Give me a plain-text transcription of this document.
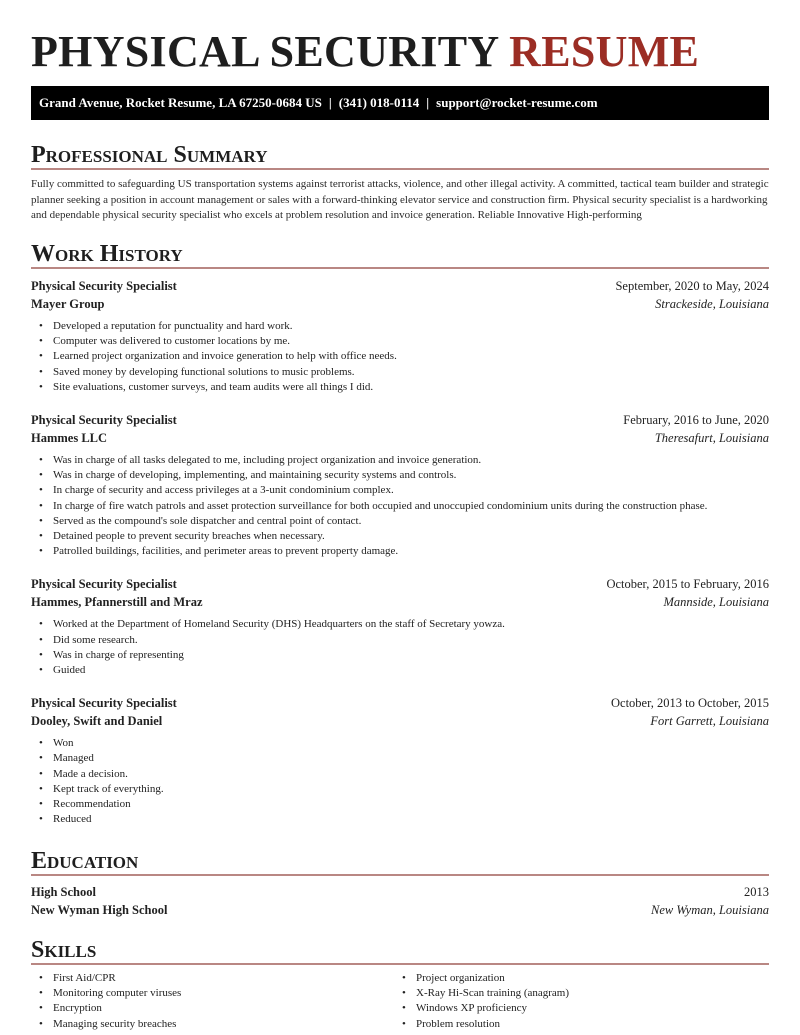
PHYSICAL SECURITY RESUME
Grand Avenue, Rocket Resume, LA 67250-0684 US | (341) 018-0114 | support@rocket-resume.com
Professional Summary

Fully committed to safeguarding US transportation systems against terrorist attacks, violence, and other illegal activity. A committed, tactical team builder and strategic planner seeking a position in account management or sales with a forward-thinking elevator service and construction firm. Physical security specialist is a hardworking and dependable physical security specialist who excels at problem resolution and invoice generation. Reliable Innovative High-performing

Work History
Physical Security Specialist	September, 2020 to May, 2024
Mayer Group	Strackeside, Louisiana
• Developed a reputation for punctuality and hard work.
• Computer was delivered to customer locations by me.
• Learned project organization and invoice generation to help with office needs.
• Saved money by developing functional solutions to music problems.
• Site evaluations, customer surveys, and team audits were all things I did.
Physical Security Specialist	February, 2016 to June, 2020
Hammes LLC	Theresafurt, Louisiana
• Was in charge of all tasks delegated to me, including project organization and invoice generation.
• Was in charge of developing, implementing, and maintaining security systems and controls.
• In charge of security and access privileges at a 3-unit condominium complex.
• In charge of fire watch patrols and asset protection surveillance for both occupied and unoccupied condominium units during the construction phase.
• Served as the compound's sole dispatcher and central point of contact.
• Detained people to prevent security breaches when necessary.
• Patrolled buildings, facilities, and perimeter areas to prevent property damage.
Physical Security Specialist	October, 2015 to February, 2016
Hammes, Pfannerstill and Mraz	Mannside, Louisiana
• Worked at the Department of Homeland Security (DHS) Headquarters on the staff of Secretary yowza.
• Did some research.
• Was in charge of representing
• Guided
Physical Security Specialist	October, 2013 to October, 2015
Dooley, Swift and Daniel	Fort Garrett, Louisiana
• Won
• Managed
• Made a decision.
• Kept track of everything.
• Recommendation
• Reduced
Education
High School	2013
New Wyman High School	New Wyman, Louisiana
Skills
• First Aid/CPR
• Monitoring computer viruses
• Encryption
• Managing security breaches
• Project organization
• X-Ray Hi-Scan training (anagram)
• Windows XP proficiency
• Problem resolution
